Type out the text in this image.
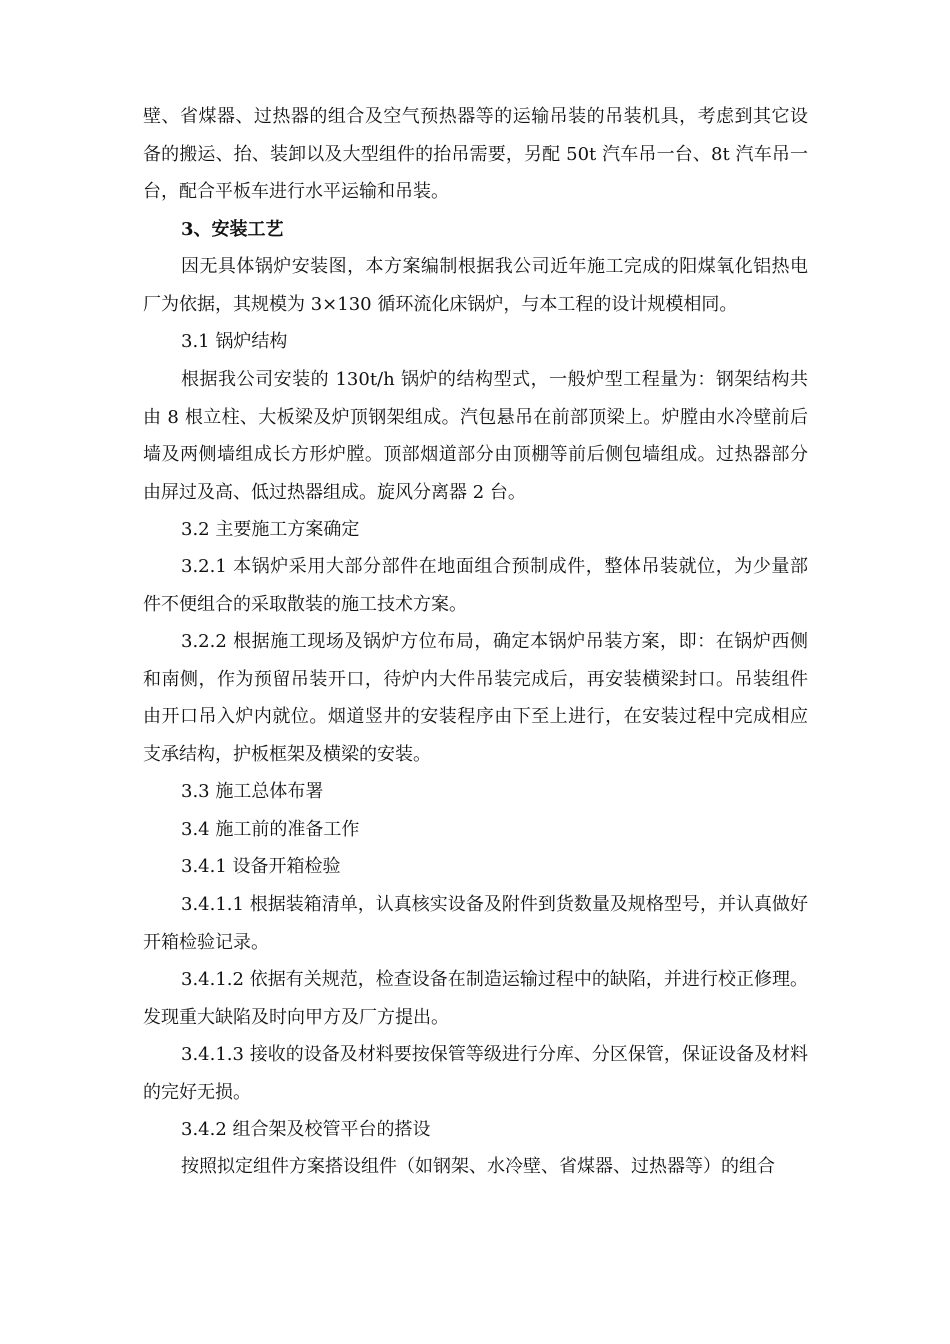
壁、省煤器、过热器的组合及空气预热器等的运输吊装的吊装机具，考虑到其它设备的搬运、抬、装卸以及大型组件的抬吊需要，另配 50t 汽车吊一台、8t 汽车吊一台，配合平板车进行水平运输和吊装。

3、安装工艺

因无具体锅炉安装图，本方案编制根据我公司近年施工完成的阳煤氧化铝热电厂为依据，其规模为 3×130 循环流化床锅炉，与本工程的设计规模相同。

3.1 锅炉结构

根据我公司安装的 130t/h 锅炉的结构型式，一般炉型工程量为：钢架结构共由 8 根立柱、大板梁及炉顶钢架组成。汽包悬吊在前部顶梁上。炉膛由水冷壁前后墙及两侧墙组成长方形炉膛。顶部烟道部分由顶棚等前后侧包墙组成。过热器部分由屏过及高、低过热器组成。旋风分离器 2 台。

3.2 主要施工方案确定

3.2.1 本锅炉采用大部分部件在地面组合预制成件，整体吊装就位，为少量部件不便组合的采取散装的施工技术方案。

3.2.2 根据施工现场及锅炉方位布局，确定本锅炉吊装方案，即：在锅炉西侧和南侧，作为预留吊装开口，待炉内大件吊装完成后，再安装横梁封口。吊装组件由开口吊入炉内就位。烟道竖井的安装程序由下至上进行，在安装过程中完成相应支承结构，护板框架及横梁的安装。

3.3 施工总体布署

3.4 施工前的准备工作

3.4.1 设备开箱检验

3.4.1.1 根据装箱清单，认真核实设备及附件到货数量及规格型号，并认真做好开箱检验记录。

3.4.1.2 依据有关规范，检查设备在制造运输过程中的缺陷，并进行校正修理。发现重大缺陷及时向甲方及厂方提出。

3.4.1.3 接收的设备及材料要按保管等级进行分库、分区保管，保证设备及材料的完好无损。

3.4.2 组合架及校管平台的搭设

按照拟定组件方案搭设组件（如钢架、水冷壁、省煤器、过热器等）的组合
